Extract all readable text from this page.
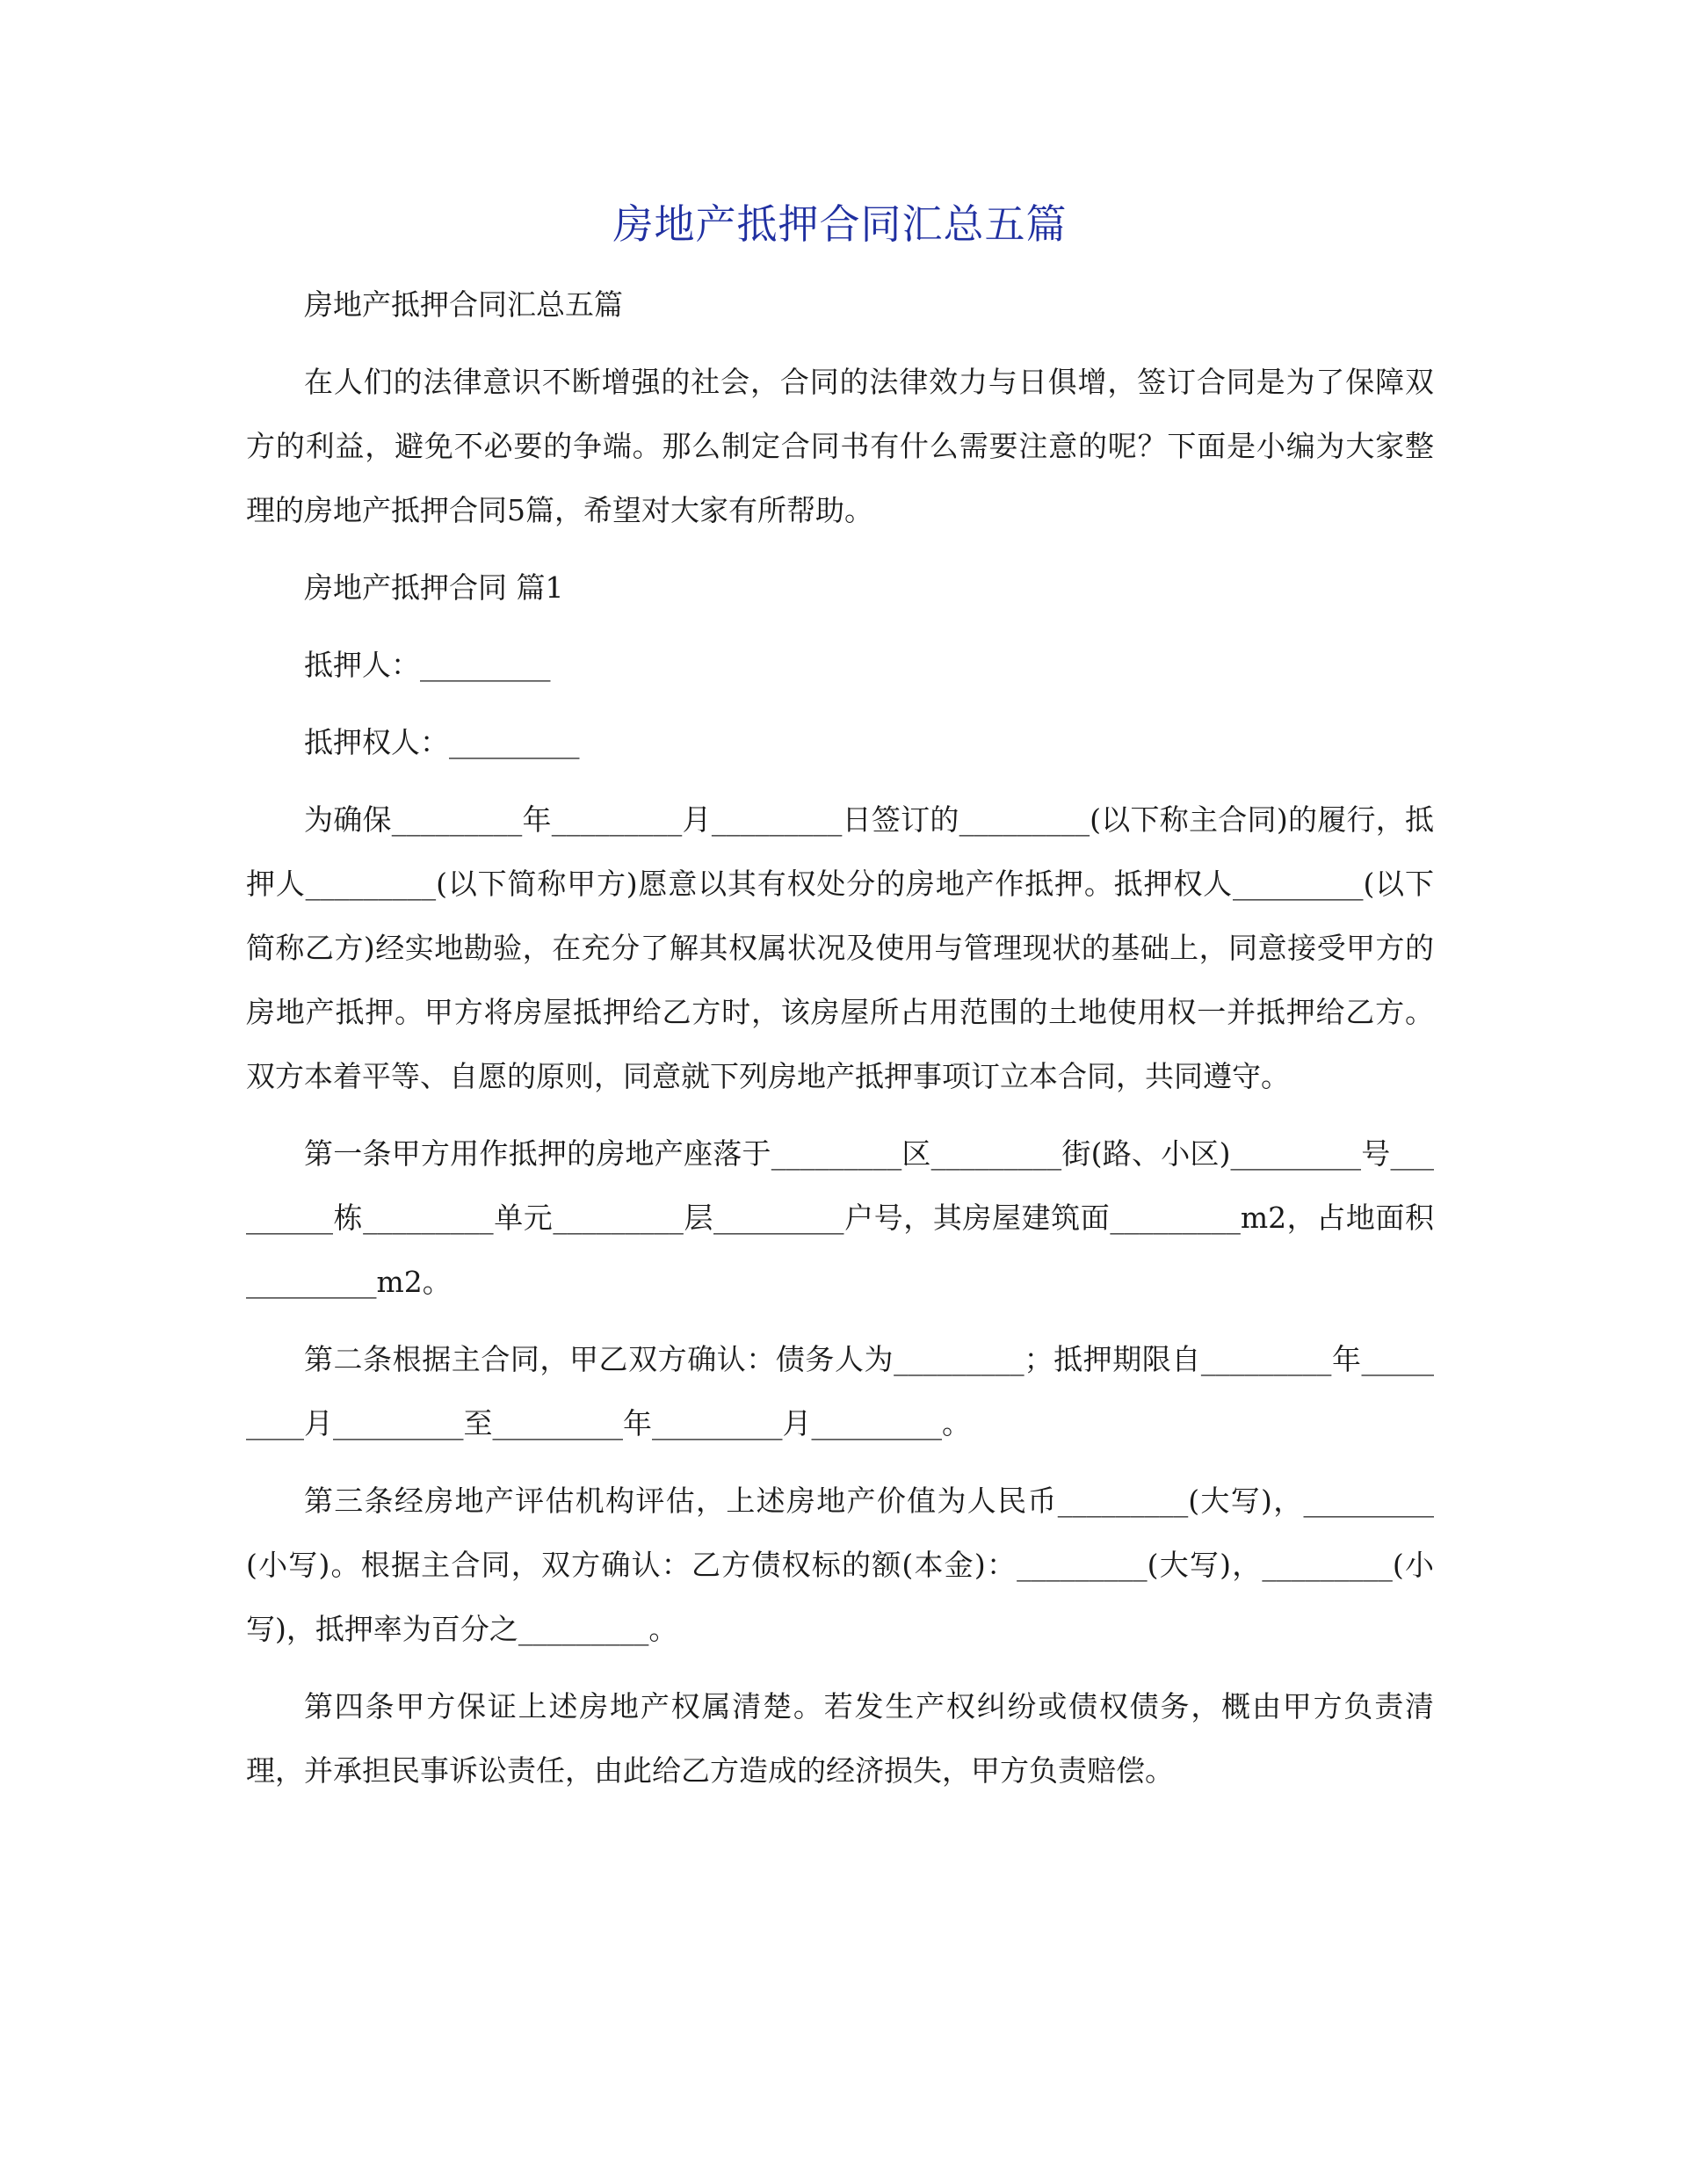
房地产抵押合同汇总五篇

房地产抵押合同汇总五篇

在人们的法律意识不断增强的社会，合同的法律效力与日俱增，签订合同是为了保障双方的利益，避免不必要的争端。那么制定合同书有什么需要注意的呢？下面是小编为大家整理的房地产抵押合同5篇，希望对大家有所帮助。

房地产抵押合同 篇1

抵押人：_________

抵押权人：_________

为确保_________年_________月_________日签订的_________(以下称主合同)的履行，抵押人_________(以下简称甲方)愿意以其有权处分的房地产作抵押。抵押权人_________(以下简称乙方)经实地勘验，在充分了解其权属状况及使用与管理现状的基础上，同意接受甲方的房地产抵押。甲方将房屋抵押给乙方时，该房屋所占用范围的土地使用权一并抵押给乙方。双方本着平等、自愿的原则，同意就下列房地产抵押事项订立本合同，共同遵守。

第一条甲方用作抵押的房地产座落于_________区_________街(路、小区)_________号_________栋_________单元_________层_________户号，其房屋建筑面_________m2，占地面积_________m2。

第二条根据主合同，甲乙双方确认：债务人为_________；抵押期限自_________年_________月_________至_________年_________月_________。

第三条经房地产评估机构评估，上述房地产价值为人民币_________(大写)，_________(小写)。根据主合同，双方确认：乙方债权标的额(本金)：_________(大写)，_________(小写)，抵押率为百分之_________。

第四条甲方保证上述房地产权属清楚。若发生产权纠纷或债权债务，概由甲方负责清理，并承担民事诉讼责任，由此给乙方造成的经济损失，甲方负责赔偿。
